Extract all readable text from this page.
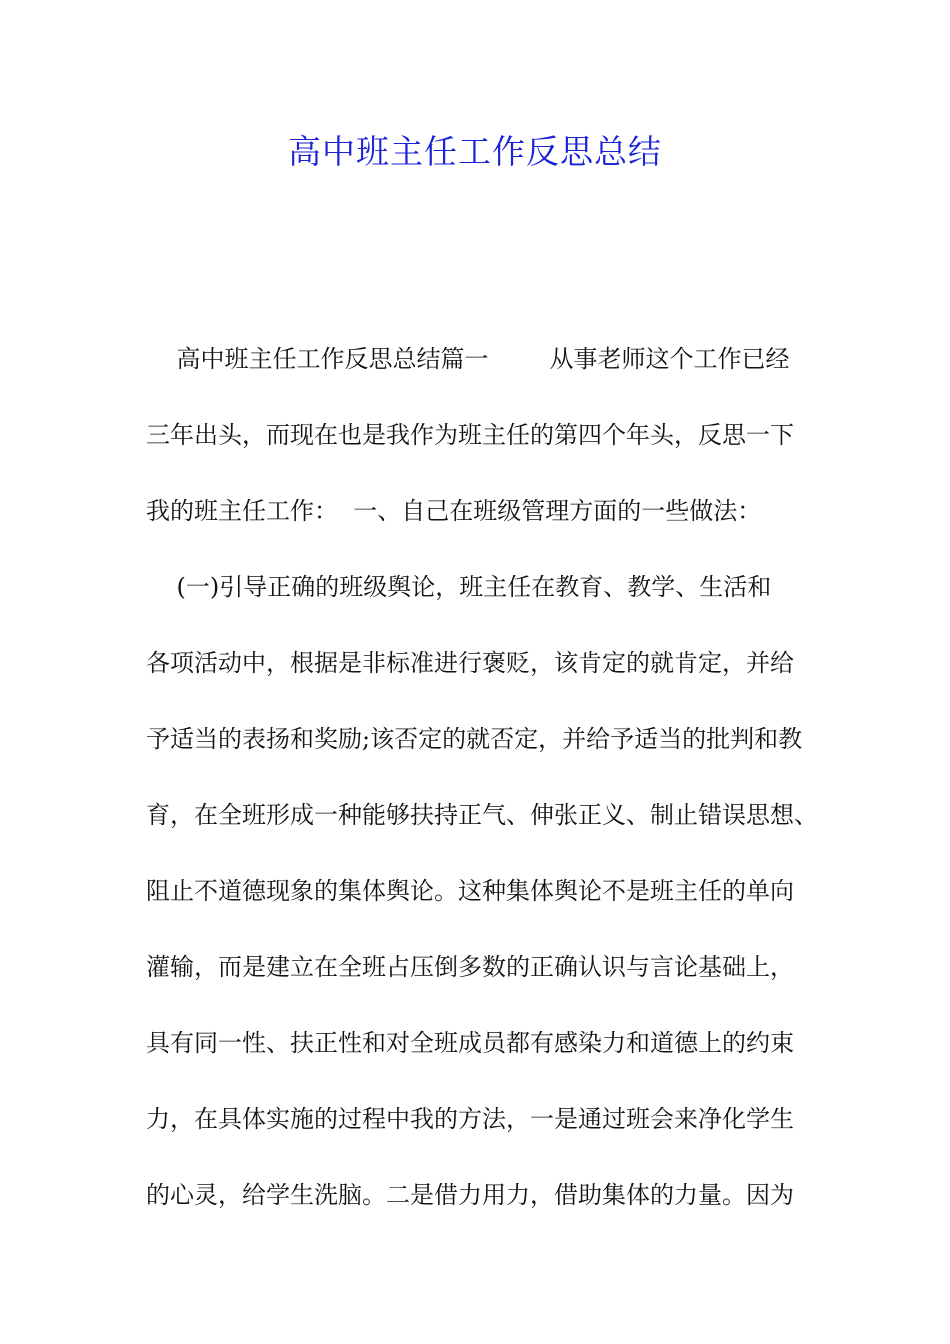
高中班主任工作反思总结

高中班主任工作反思总结篇一        从事老师这个工作已经

三年出头，而现在也是我作为班主任的第四个年头，反思一下

我的班主任工作：  一、自己在班级管理方面的一些做法：

(一)引导正确的班级舆论，班主任在教育、教学、生活和

各项活动中，根据是非标准进行褒贬，该肯定的就肯定，并给

予适当的表扬和奖励;该否定的就否定，并给予适当的批判和教

育，在全班形成一种能够扶持正气、伸张正义、制止错误思想、

阻止不道德现象的集体舆论。这种集体舆论不是班主任的单向

灌输，而是建立在全班占压倒多数的正确认识与言论基础上，

具有同一性、扶正性和对全班成员都有感染力和道德上的约束

力，在具体实施的过程中我的方法，一是通过班会来净化学生

的心灵，给学生洗脑。二是借力用力，借助集体的力量。因为
